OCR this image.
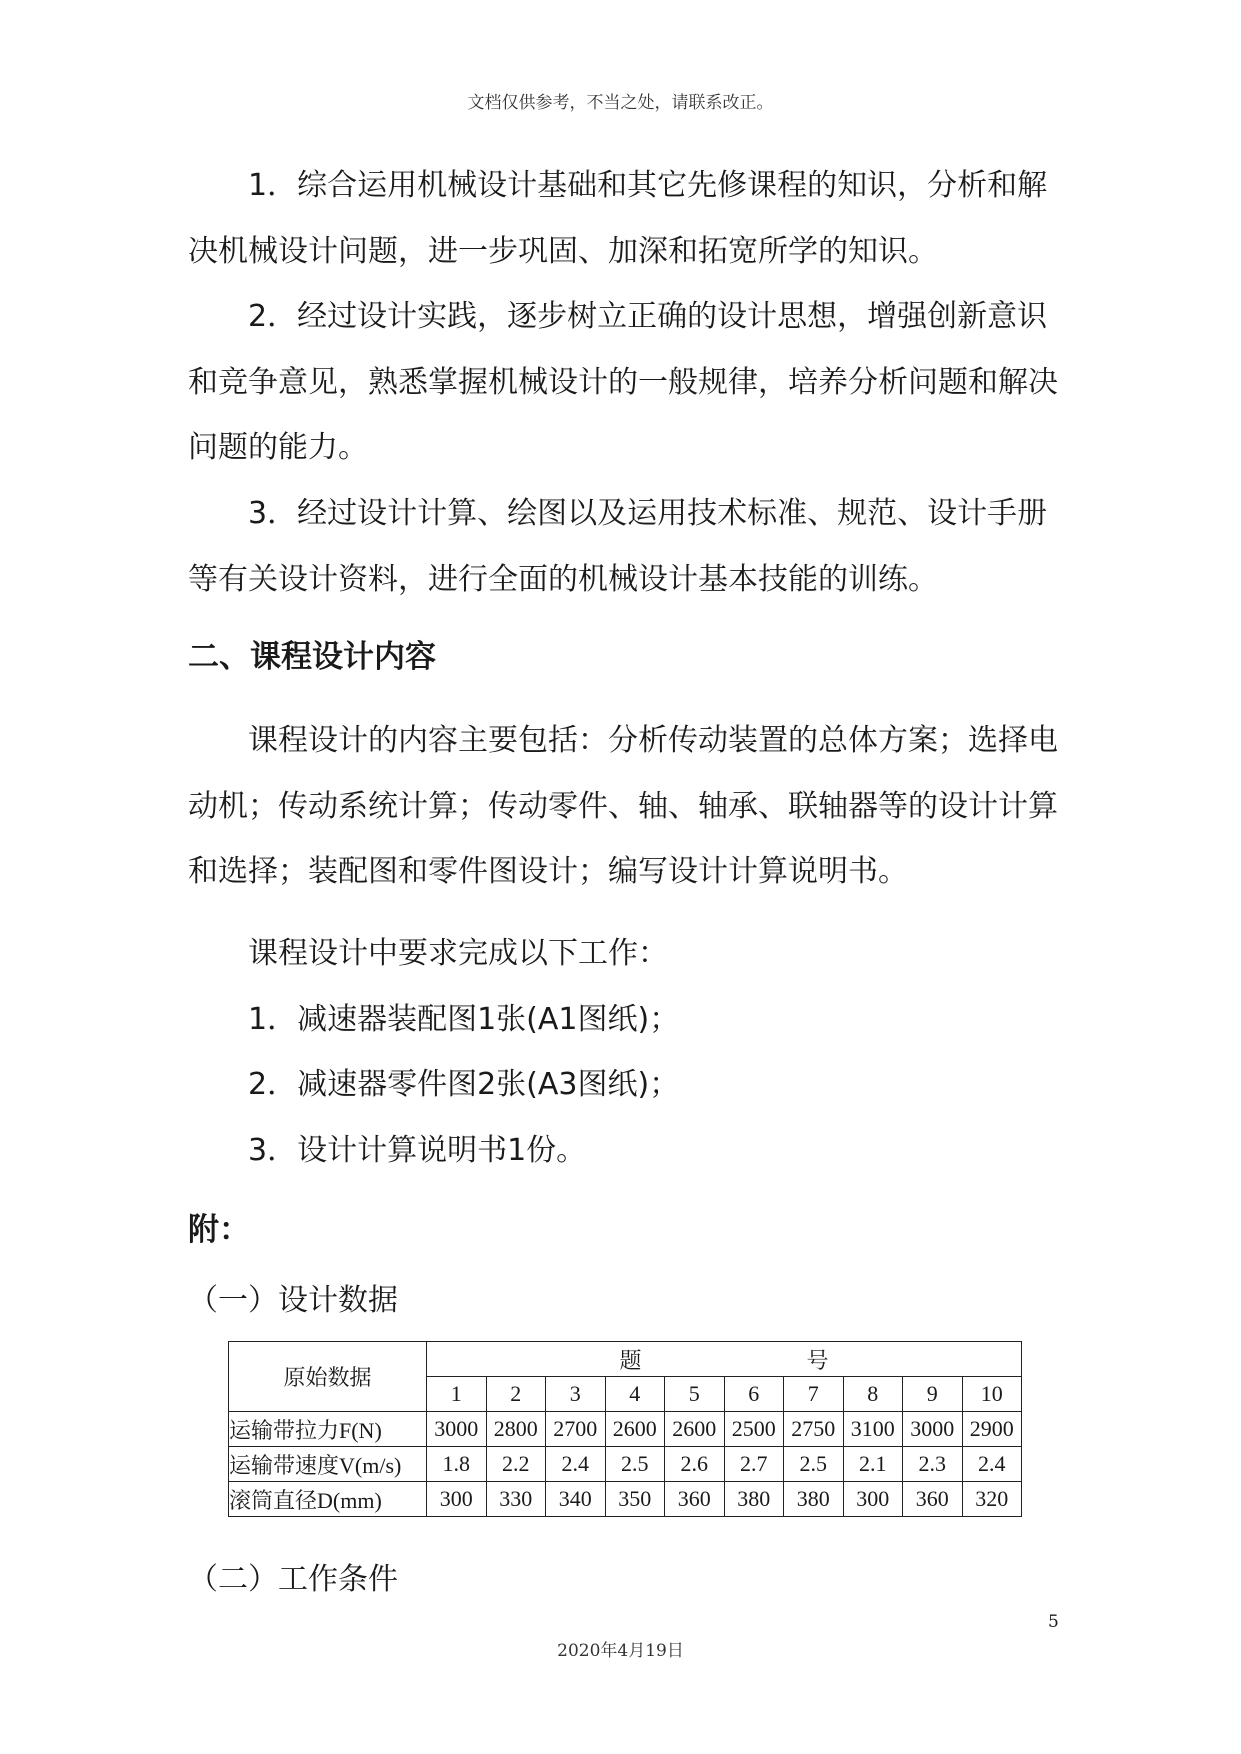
文档仅供参考，不当之处，请联系改正。

1．综合运用机械设计基础和其它先修课程的知识，分析和解决机械设计问题，进一步巩固、加深和拓宽所学的知识。

2．经过设计实践，逐步树立正确的设计思想，增强创新意识和竞争意见，熟悉掌握机械设计的一般规律，培养分析问题和解决问题的能力。

3．经过设计计算、绘图以及运用技术标准、规范、设计手册等有关设计资料，进行全面的机械设计基本技能的训练。

二、课程设计内容

课程设计的内容主要包括：分析传动装置的总体方案；选择电动机；传动系统计算；传动零件、轴、轴承、联轴器等的设计计算和选择；装配图和零件图设计；编写设计计算说明书。

课程设计中要求完成以下工作：
1．减速器装配图1张(A1图纸)；
2．减速器零件图2张(A3图纸)；
3．设计计算说明书1份。
附：
（一）设计数据
原始数据	题 号									

	1	2	3	4	5	6	7	8	9	10
运输带拉力F(N)	3000	2800	2700	2600	2600	2500	2750	3100	3000	2900
运输带速度V(m/s)	1.8	2.2	2.4	2.5	2.6	2.7	2.5	2.1	2.3	2.4
滚筒直径D(mm)	300	330	340	350	360	380	380	300	360	320
（二）工作条件
5
2020年4月19日
